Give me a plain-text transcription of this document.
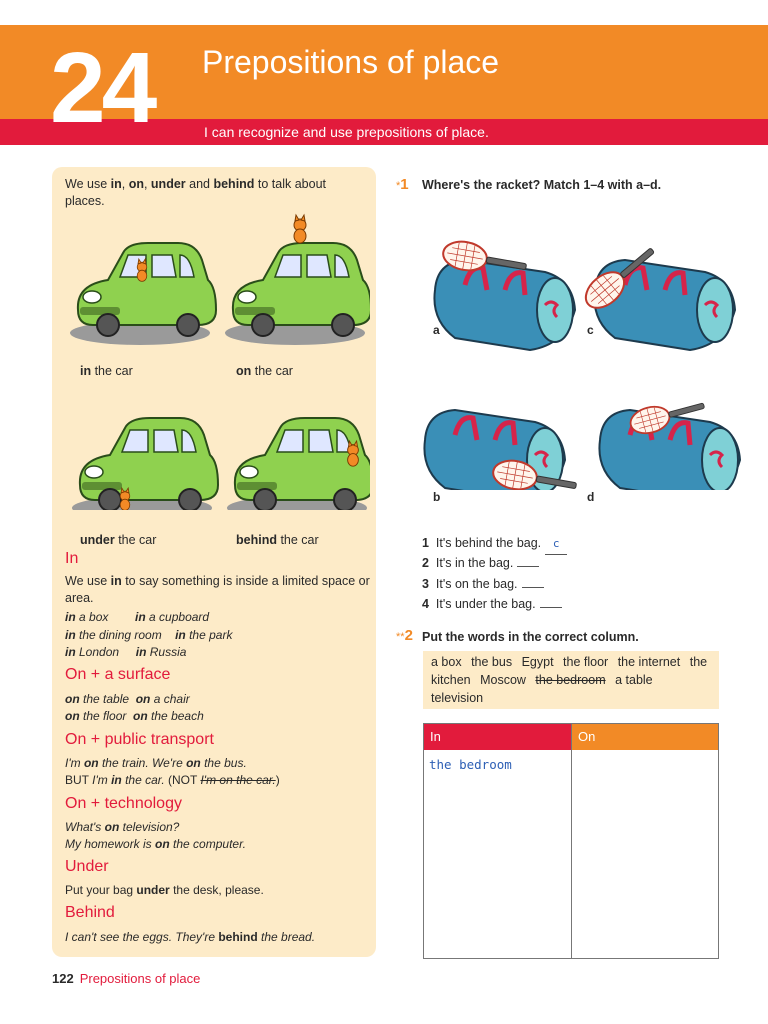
24 Prepositions of place
I can recognize and use prepositions of place.
We use in, on, under and behind to talk about places.
in the car	on the car
under the car	behind the car
In
We use in to say something is inside a limited space or area.
in a box in a cupboard
in the dining room in the park
in London in Russia
On + a surface
on the table on a chair
on the floor on the beach
On + public transport
I'm on the train. We're on the bus.
BUT I'm in the car. (NOT I'm on the car.)
On + technology
What's on television?
My homework is on the computer.
Under
Put your bag under the desk, please.
Behind
I can't see the eggs. They're behind the bread.
*1 Where's the racket? Match 1–4 with a–d.
a	c
b	d
1 It's behind the bag. c
2 It's in the bag.
3 It's on the bag.
4 It's under the bag.
**2 Put the words in the correct column.
a box the bus Egypt the floor the internet the kitchen Moscow the bedroom a table television
In	On
the bedroom
122 Prepositions of place
